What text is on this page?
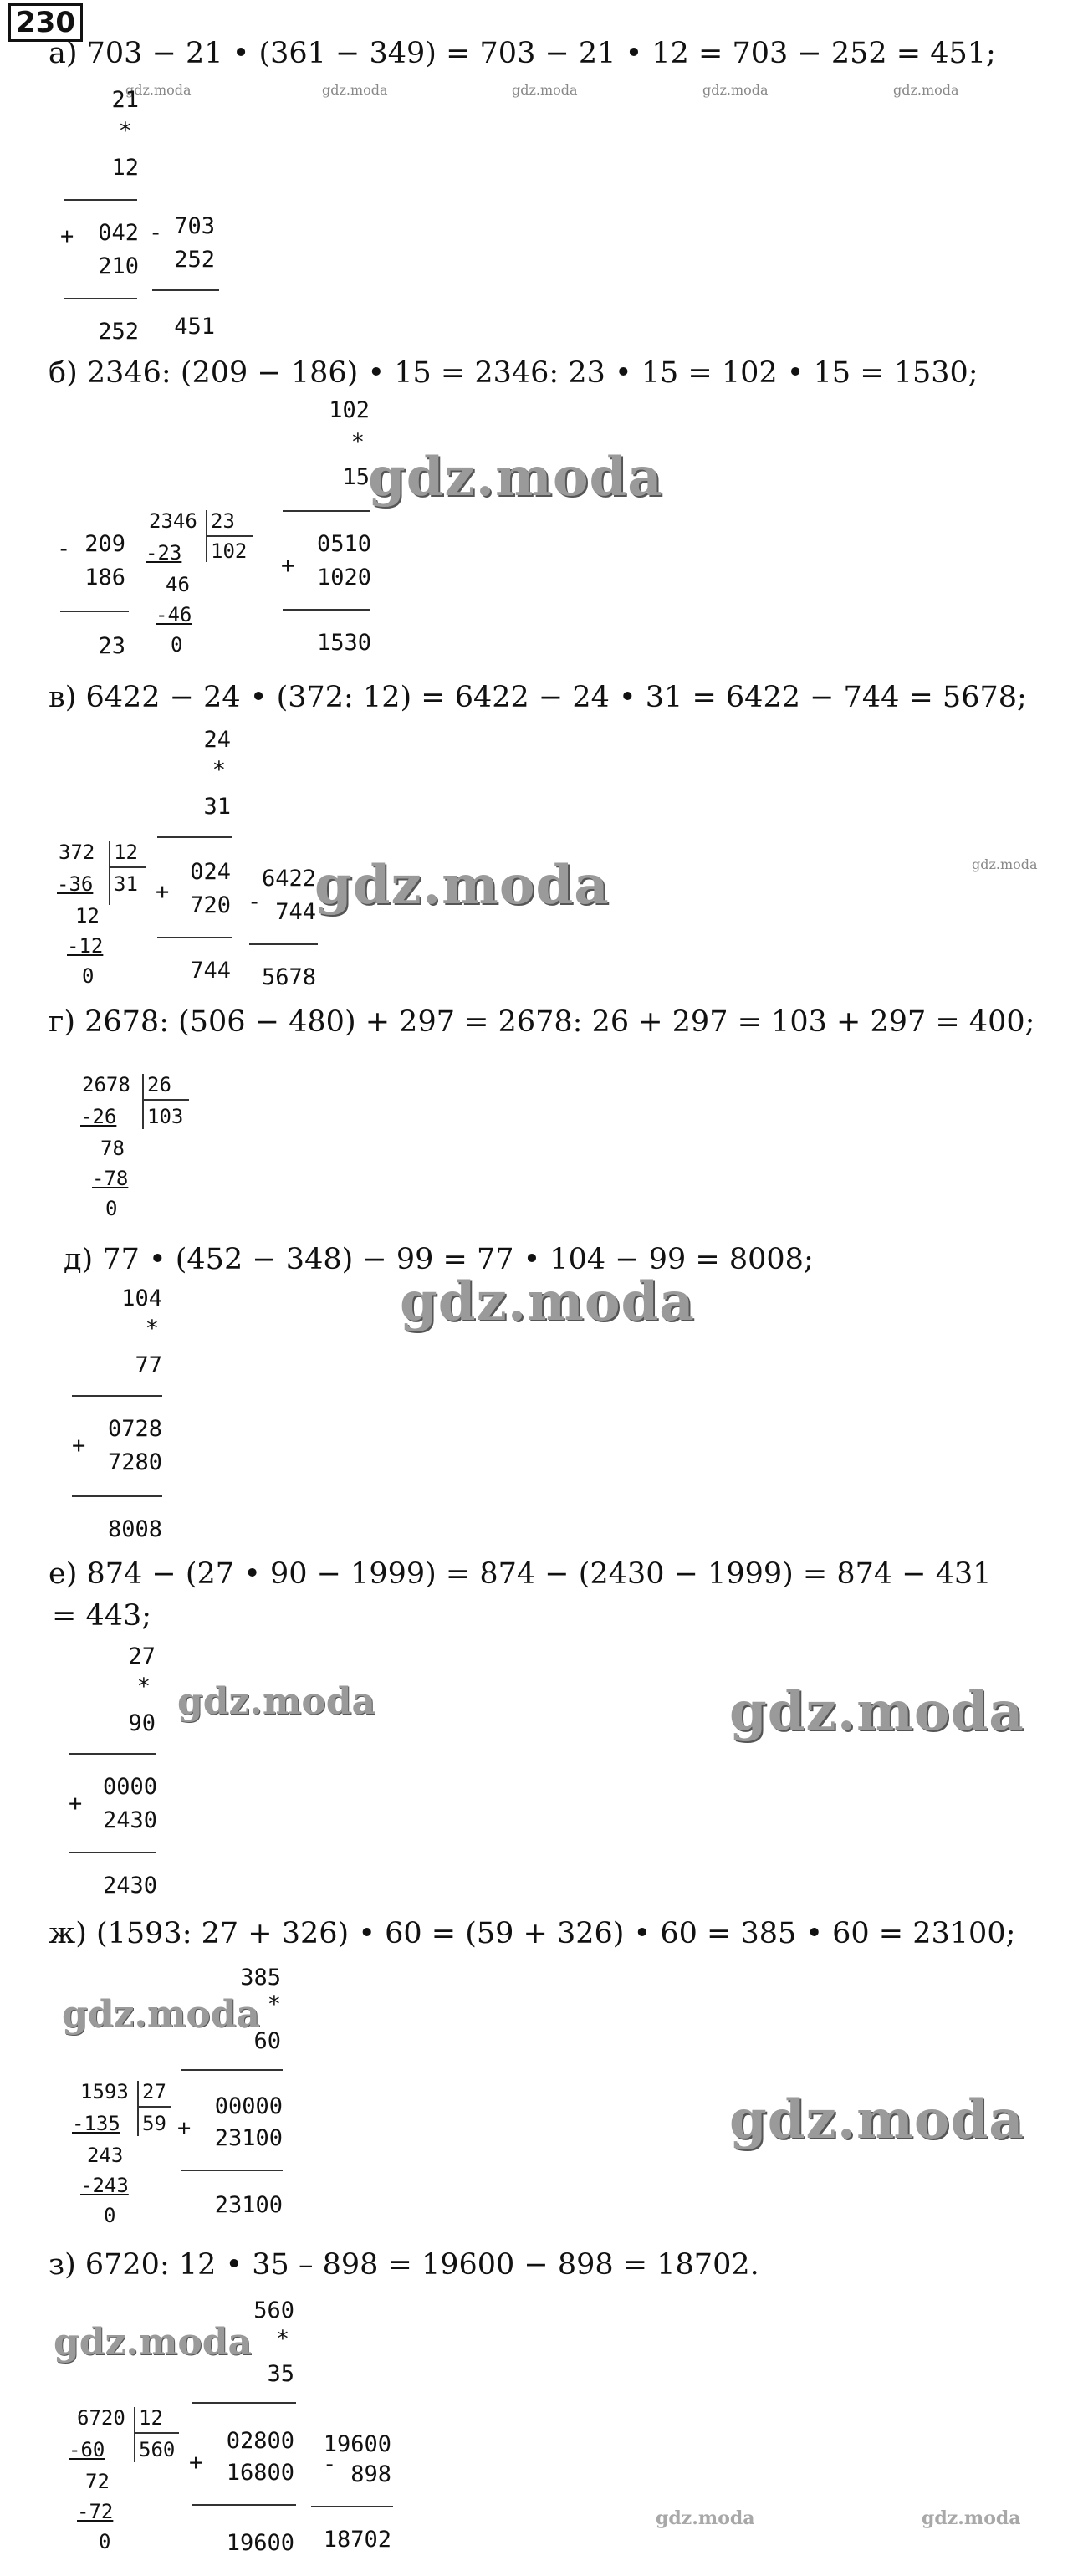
230
а) 703 − 21 • (361 − 349) = 703 − 21 • 12 = 703 − 252 = 451;
gdz.moda	gdz.moda	gdz.moda	gdz.moda	gdz.moda
21
*
12
+	042
210
252
- 703
252
451
б) 2346: (209 − 186) • 15 = 2346: 23 • 15 = 102 • 15 = 1530;
102
*
15
gdz.moda
- 209
186
23
2346 23
102
-23
46
-46
0
+
0510
1020
1530
в) 6422 − 24 • (372: 12) = 6422 − 24 • 31 = 6422 − 744 = 5678;
24
*
31
372 12
31
-36
12
-12
0
+
024
720
744
6422
- 744
5678
gdz.moda	gdz.moda
г) 2678: (506 − 480) + 297 = 2678: 26 + 297 = 103 + 297 = 400;
2678 26
103
-26
78
-78
0
д) 77 • (452 − 348) − 99 = 77 • 104 − 99 = 8008;
104
*
77
gdz.moda
+
0728
7280
8008
е) 874 − (27 • 90 − 1999) = 874 − (2430 − 1999) = 874 − 431
= 443;
27
*
90
gdz.moda	gdz.moda
+
0000
2430
2430
ж) (1593: 27 + 326) • 60 = (59 + 326) • 60 = 385 • 60 = 23100;
385
*
60
gdz.moda
gdz.moda
1593 27
59
-135
243
-243
0
+
00000
23100
23100
з) 6720: 12 • 35 – 898 = 19600 − 898 = 18702.
560
*
35
gdz.moda
6720 12
560
-60
72
-72
0
+
02800
16800
19600
19600
- 898
18702
gdz.moda	gdz.moda
